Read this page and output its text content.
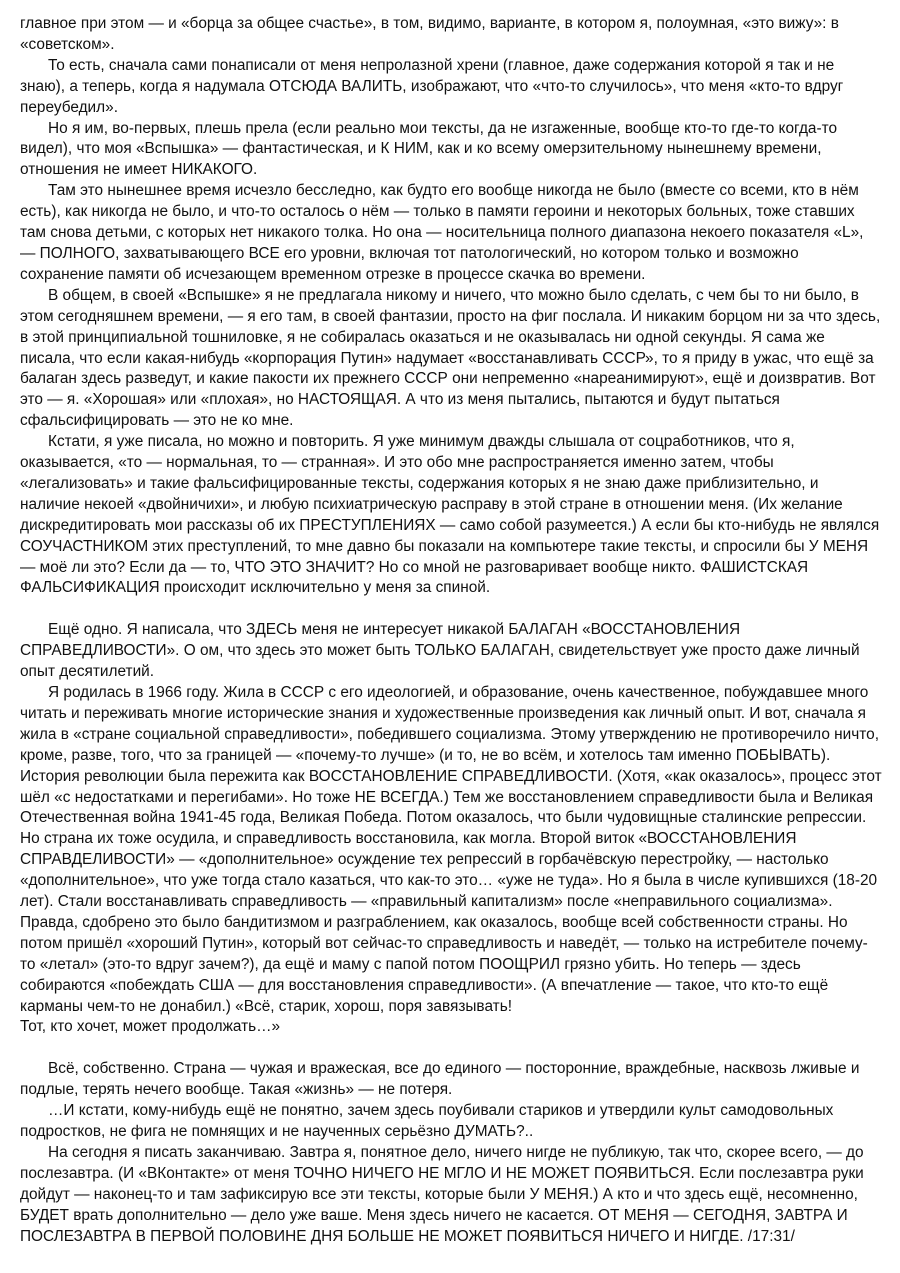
главное при этом — и «борца за общее счастье», в том, видимо, варианте, в котором я, полоумная, «это вижу»: в «советском».

То есть, сначала сами понаписали от меня непролазной хрени (главное, даже содержания которой я так и не знаю), а теперь, когда я надумала ОТСЮДА ВАЛИТЬ, изображают, что «что-то случилось», что меня «кто-то вдруг переубедил».

Но я им, во-первых, плешь прела (если реально мои тексты, да не изгаженные, вообще кто-то где-то когда-то видел), что моя «Вспышка» — фантастическая, и К НИМ, как и ко всему омерзительному нынешнему времени, отношения не имеет НИКАКОГО.

Там это нынешнее время исчезло бесследно, как будто его вообще никогда не было (вместе со всеми, кто в нём есть), как никогда не было, и что-то осталось о нём — только в памяти героини и некоторых больных, тоже ставших там снова детьми, с которых нет никакого толка. Но она — носительница полного диапазона некоего показателя «L», — ПОЛНОГО, захватывающего ВСЕ его уровни, включая тот патологический, но котором только и возможно сохранение памяти об исчезающем временном отрезке в процессе скачка во времени.

В общем, в своей «Вспышке» я не предлагала никому и ничего, что можно было сделать, с чем бы то ни было, в этом сегодняшнем времени, — я его там, в своей фантазии, просто на фиг послала. И никаким борцом ни за что здесь, в этой принципиальной тошниловке, я не собиралась оказаться и не оказывалась ни одной секунды. Я сама же писала, что если какая-нибудь «корпорация Путин» надумает «восстанавливать СССР», то я приду в ужас, что ещё за балаган здесь разведут, и какие пакости их прежнего СССР они непременно «нареанимируют», ещё и доизвратив. Вот это — я. «Хорошая» или «плохая», но НАСТОЯЩАЯ. А что из меня пытались, пытаются и будут пытаться сфальсифицировать — это не ко мне.

Кстати, я уже писала, но можно и повторить. Я уже минимум дважды слышала от соцработников, что я, оказывается, «то — нормальная, то — странная». И это обо мне распространяется именно затем, чтобы «легализовать» и такие фальсифицированные тексты, содержания которых я не знаю даже приблизительно, и наличие некоей «двойничихи», и любую психиатрическую расправу в этой стране в отношении меня. (Их желание дискредитировать мои рассказы об их ПРЕСТУПЛЕНИЯХ — само собой разумеется.) А если бы кто-нибудь не являлся СОУЧАСТНИКОМ этих преступлений, то мне давно бы показали на компьютере такие тексты, и спросили бы У МЕНЯ — моё ли это? Если да — то, ЧТО ЭТО ЗНАЧИТ? Но со мной не разговаривает вообще никто. ФАШИСТСКАЯ ФАЛЬСИФИКАЦИЯ происходит исключительно у меня за спиной.

Ещё одно. Я написала, что ЗДЕСЬ меня не интересует никакой БАЛАГАН «ВОССТАНОВЛЕНИЯ СПРАВЕДЛИВОСТИ». О ом, что здесь это может быть ТОЛЬКО БАЛАГАН, свидетельствует уже просто даже личный опыт десятилетий.

Я родилась в 1966 году. Жила в СССР с его идеологией, и образование, очень качественное, побуждавшее много читать и переживать многие исторические знания и художественные произведения как личный опыт. И вот, сначала я жила в «стране социальной справедливости», победившего социализма. Этому утверждению не противоречило ничто, кроме, разве, того, что за границей — «почему-то лучше» (и то, не во всём, и хотелось там именно ПОБЫВАТЬ). История революции была пережита как ВОССТАНОВЛЕНИЕ СПРАВЕДЛИВОСТИ. (Хотя, «как оказалось», процесс этот шёл «с недостатками и перегибами». Но тоже НЕ ВСЕГДА.) Тем же восстановлением справедливости была и Великая Отечественная война 1941-45 года, Великая Победа. Потом оказалось, что были чудовищные сталинские репрессии. Но страна их тоже осудила, и справедливость восстановила, как могла. Второй виток «ВОССТАНОВЛЕНИЯ СПРАВДЕЛИВОСТИ» — «дополнительное» осуждение тех репрессий в горбачёвскую перестройку, — настолько «дополнительное», что уже тогда стало казаться, что как-то это… «уже не туда». Но я была в числе купившихся (18-20 лет). Стали восстанавливать справедливость — «правильный капитализм» после «неправильного социализма». Правда, сдобрено это было бандитизмом и разграблением, как оказалось, вообще всей собственности страны. Но потом пришёл «хороший Путин», который вот сейчас-то справедливость и наведёт, — только на истребителе почему-то «летал» (это-то вдруг зачем?), да ещё и маму с папой потом ПООЩРИЛ грязно убить. Но теперь — здесь собираются «побеждать США — для восстановления справедливости». (А впечатление — такое, что кто-то ещё карманы чем-то не донабил.) «Всё, старик, хорош, поря завязывать!

Тот, кто хочет, может продолжать…»

Всё, собственно. Страна — чужая и вражеская, все до единого — посторонние, враждебные, насквозь лживые и подлые, терять нечего вообще. Такая «жизнь» — не потеря.

…И кстати, кому-нибудь ещё не понятно, зачем здесь поубивали стариков и утвердили культ самодовольных подростков, не фига не помнящих и не наученных серьёзно ДУМАТЬ?..

На сегодня я писать заканчиваю. Завтра я, понятное дело, ничего нигде не публикую, так что, скорее всего, — до послезавтра. (И «ВКонтакте» от меня ТОЧНО НИЧЕГО НЕ МГЛО И НЕ МОЖЕТ ПОЯВИТЬСЯ. Если послезавтра руки дойдут — наконец-то и там зафиксирую все эти тексты, которые были У МЕНЯ.) А кто и что здесь ещё, несомненно, БУДЕТ врать дополнительно — дело уже ваше. Меня здесь ничего не касается. ОТ МЕНЯ — СЕГОДНЯ, ЗАВТРА И ПОСЛЕЗАВТРА В ПЕРВОЙ ПОЛОВИНЕ ДНЯ БОЛЬШЕ НЕ МОЖЕТ ПОЯВИТЬСЯ НИЧЕГО И НИГДЕ. /17:31/
